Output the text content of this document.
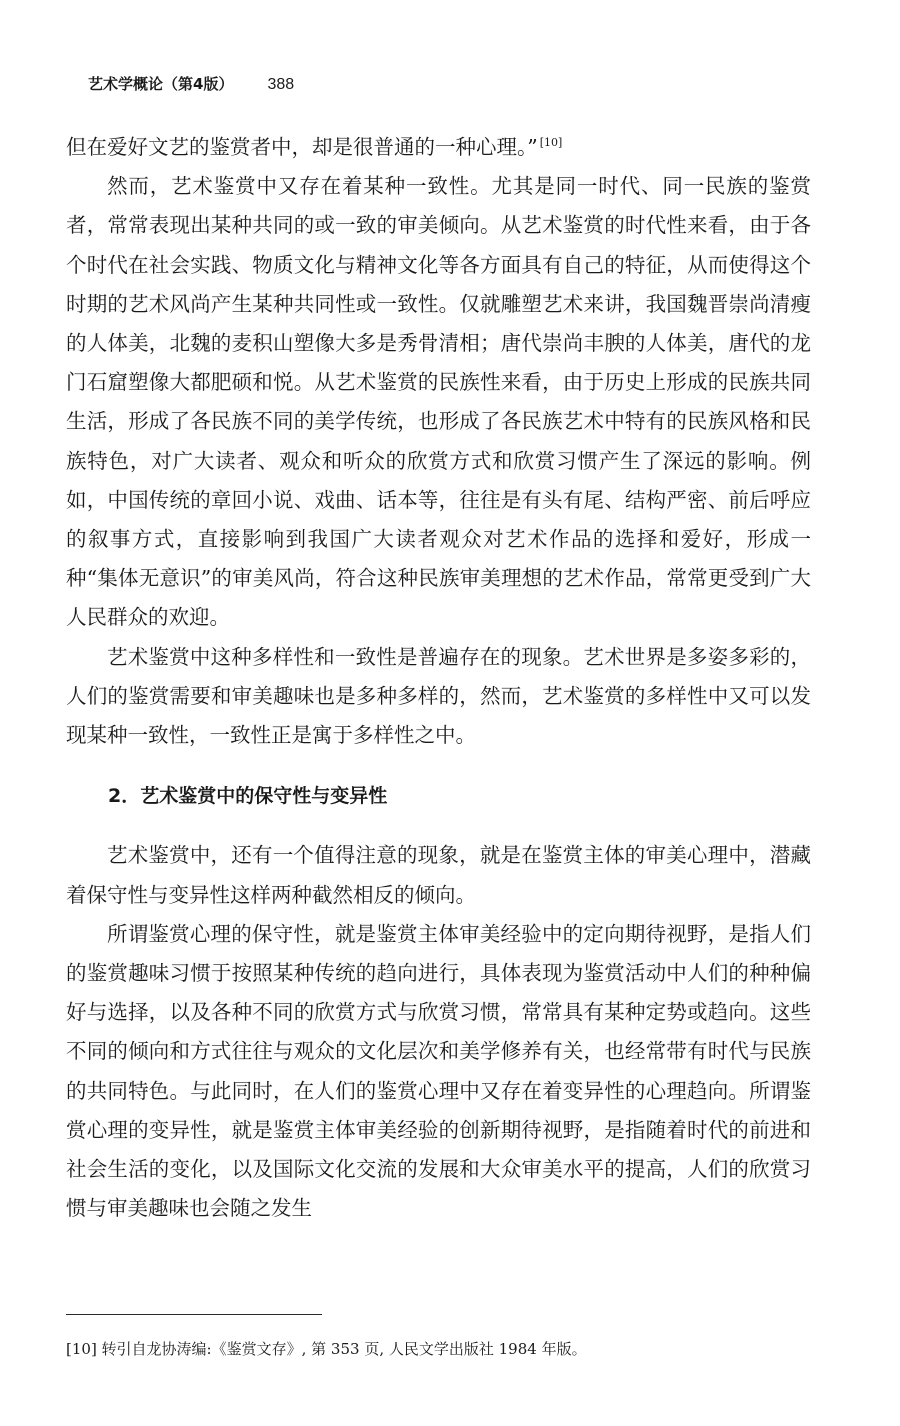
艺术学概论（第4版） 388

但在爱好文艺的鉴赏者中，却是很普通的一种心理。” [10]

然而，艺术鉴赏中又存在着某种一致性。尤其是同一时代、同一民族的鉴赏者，常常表现出某种共同的或一致的审美倾向。从艺术鉴赏的时代性来看，由于各个时代在社会实践、物质文化与精神文化等各方面具有自己的特征，从而使得这个时期的艺术风尚产生某种共同性或一致性。仅就雕塑艺术来讲，我国魏晋崇尚清瘦的人体美，北魏的麦积山塑像大多是秀骨清相；唐代崇尚丰腴的人体美，唐代的龙门石窟塑像大都肥硕和悦。从艺术鉴赏的民族性来看，由于历史上形成的民族共同生活，形成了各民族不同的美学传统，也形成了各民族艺术中特有的民族风格和民族特色，对广大读者、观众和听众的欣赏方式和欣赏习惯产生了深远的影响。例如，中国传统的章回小说、戏曲、话本等，往往是有头有尾、结构严密、前后呼应的叙事方式，直接影响到我国广大读者观众对艺术作品的选择和爱好，形成一种“集体无意识”的审美风尚，符合这种民族审美理想的艺术作品，常常更受到广大人民群众的欢迎。

艺术鉴赏中这种多样性和一致性是普遍存在的现象。艺术世界是多姿多彩的，人们的鉴赏需要和审美趣味也是多种多样的，然而，艺术鉴赏的多样性中又可以发现某种一致性，一致性正是寓于多样性之中。

2．艺术鉴赏中的保守性与变异性

艺术鉴赏中，还有一个值得注意的现象，就是在鉴赏主体的审美心理中，潜藏着保守性与变异性这样两种截然相反的倾向。

所谓鉴赏心理的保守性，就是鉴赏主体审美经验中的定向期待视野，是指人们的鉴赏趣味习惯于按照某种传统的趋向进行，具体表现为鉴赏活动中人们的种种偏好与选择，以及各种不同的欣赏方式与欣赏习惯，常常具有某种定势或趋向。这些不同的倾向和方式往往与观众的文化层次和美学修养有关，也经常带有时代与民族的共同特色。与此同时，在人们的鉴赏心理中又存在着变异性的心理趋向。所谓鉴赏心理的变异性，就是鉴赏主体审美经验的创新期待视野，是指随着时代的前进和社会生活的变化，以及国际文化交流的发展和大众审美水平的提高，人们的欣赏习惯与审美趣味也会随之发生

[10] 转引自龙协涛编:《鉴赏文存》, 第 353 页, 人民文学出版社 1984 年版。
